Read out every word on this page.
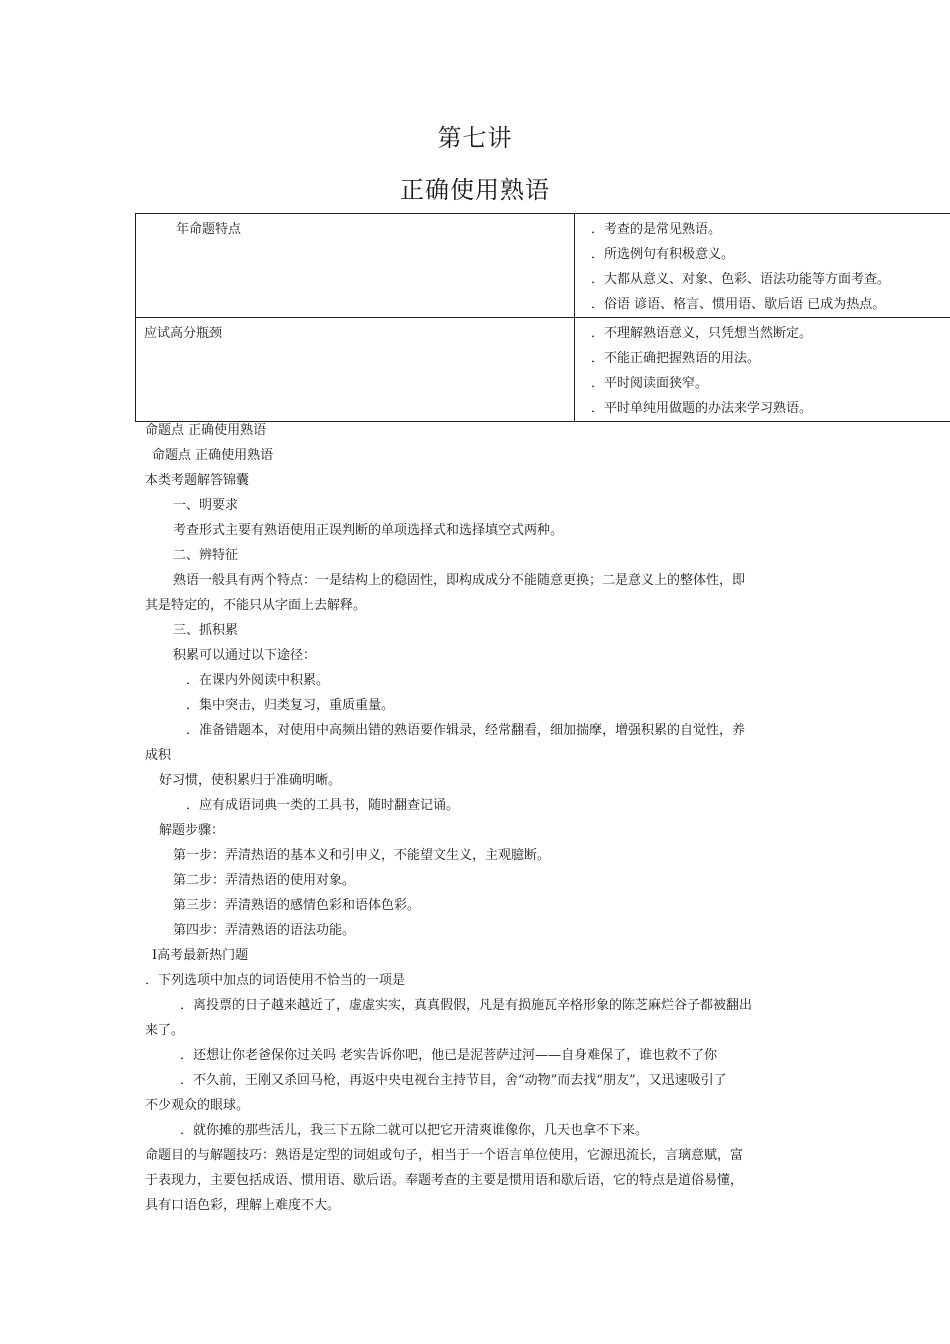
第七讲
正确使用熟语
年命题特点	．考查的是常见熟语。
．所选例句有积极意义。
．大都从意义、对象、色彩、语法功能等方面考查。
．俗语 谚语、格言、惯用语、歇后语 已成为热点。

应试高分瓶颈	．不理解熟语意义，只凭想当然断定。
．不能正确把握熟语的用法。
．平时阅读面狭窄。
．平时单纯用做题的办法来学习熟语。
命题点 正确使用熟语
命题点 正确使用熟语
本类考题解答锦囊
一、明要求
考查形式主要有熟语使用正误判断的单项选择式和选择填空式两种。
二、辨特征
熟语一般具有两个特点：一是结构上的稳固性，即构成成分不能随意更换；二是意义上的整体性，即
其是特定的，不能只从字面上去解释。
三、抓积累
积累可以通过以下途径：
．在课内外阅读中积累。
．集中突击，归类复习，重质重量。
．准备错题本，对使用中高频出错的熟语要作辑录，经常翻看，细加揣摩，增强积累的自觉性，养
成积
好习惯，使积累归于准确明晰。
．应有成语词典一类的工具书，随时翻查记诵。
解题步骤：
第一步：弄清热语的基本义和引申义，不能望文生义，主观臆断。
第二步：弄清热语的使用对象。
第三步：弄清熟语的感情色彩和语体色彩。
第四步：弄清熟语的语法功能。
Ⅰ高考最新热门题
．下列选项中加点的词语使用不恰当的一项是
．离投票的日子越来越近了，虚虚实实，真真假假，凡是有损施瓦辛格形象的陈芝麻烂谷子都被翻出
来了。
．还想让你老爸保你过关吗 老实告诉你吧，他已是泥菩萨过河——自身难保了，谁也救不了你
．不久前，王刚又杀回马枪，再返中央电视台主持节目，舍“动物”而去找“朋友”，又迅速吸引了
不少观众的眼球。
．就你摊的那些活儿，我三下五除二就可以把它开清爽谁像你，几天也拿不下来。
命题目的与解题技巧：熟语是定型的词姐或句子，相当于一个语言单位使用，它源迅流长，言璃意赋，富
于表现力，主要包括成语、惯用语、歇后语。奉题考查的主要是惯用语和歇后语，它的特点是道俗易懂，
具有口语色彩，理解上难度不大。
